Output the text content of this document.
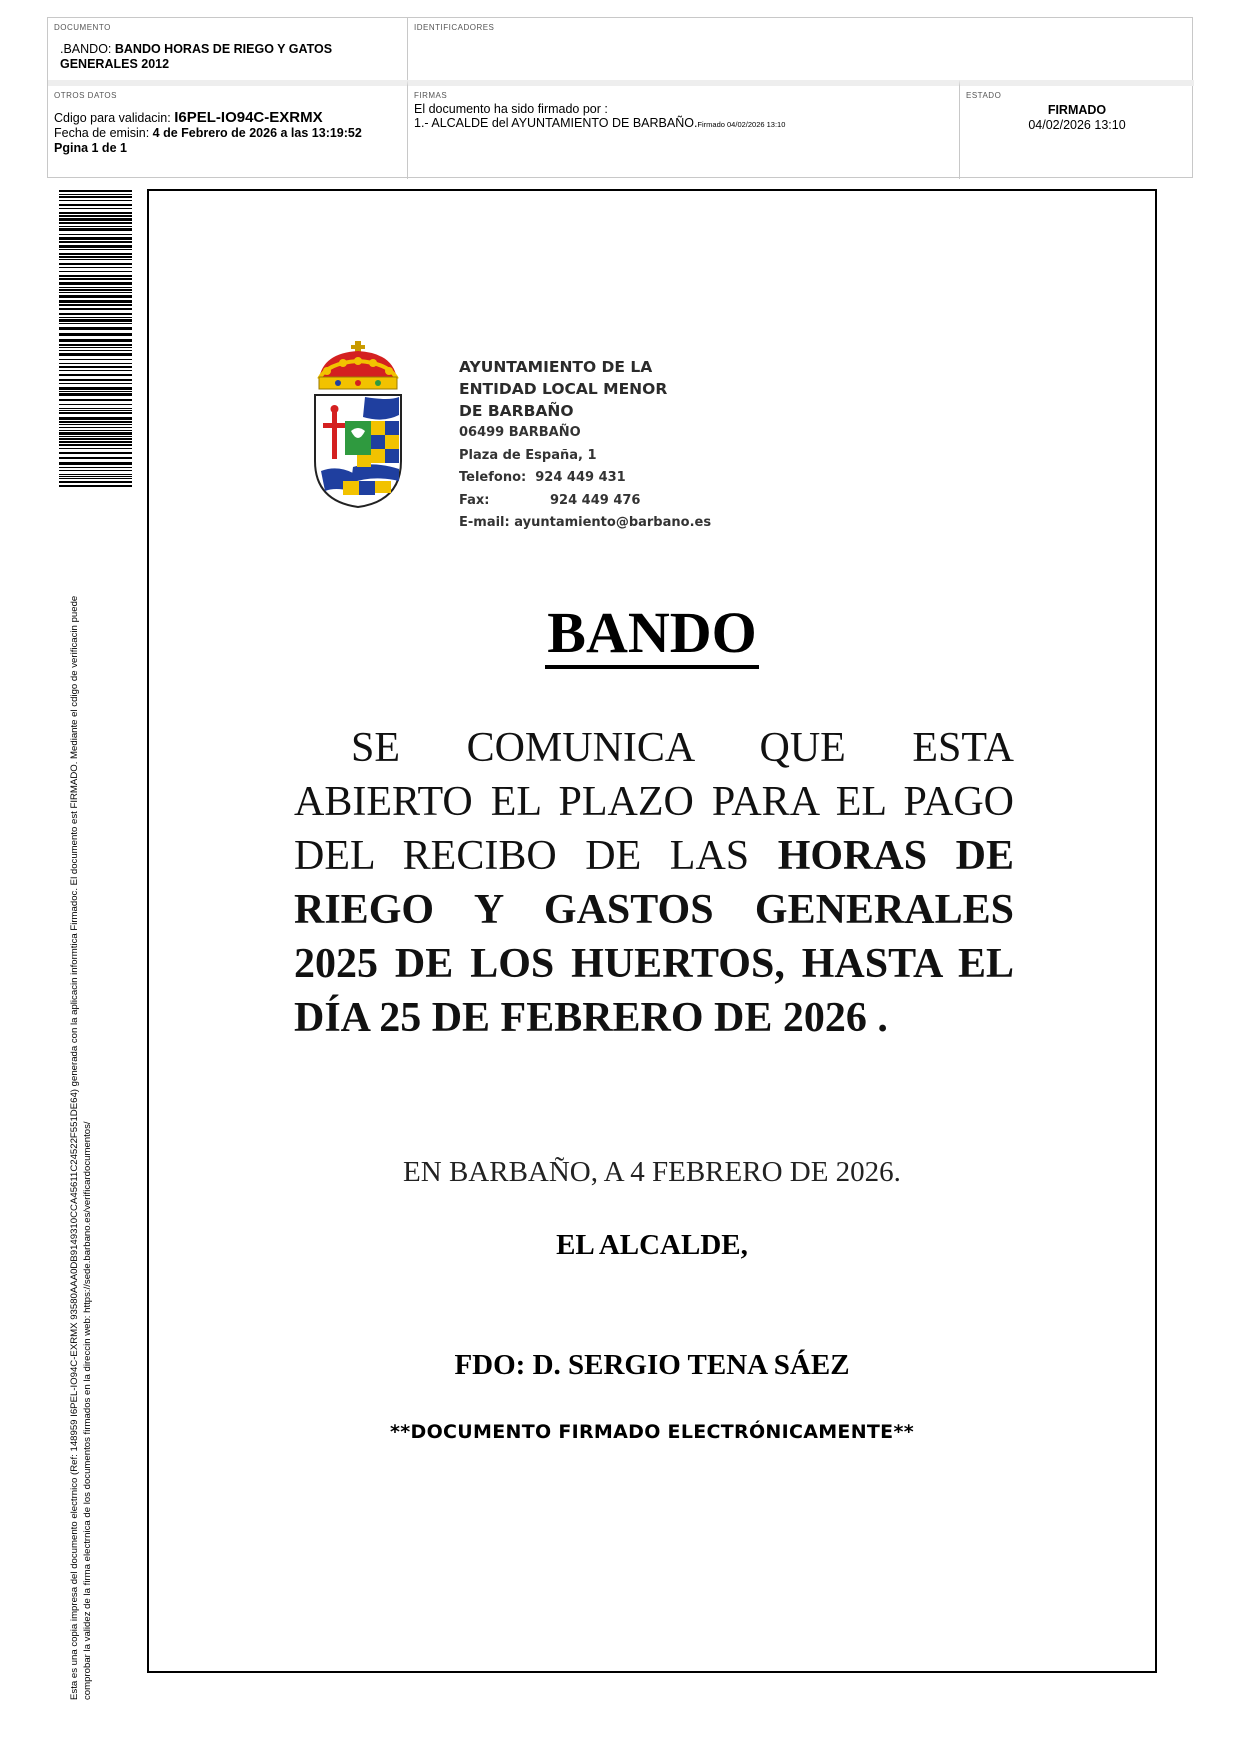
DOCUMENTO
.BANDO: BANDO HORAS DE RIEGO Y GATOS GENERALES 2012
IDENTIFICADORES
OTROS DATOS
Cdigo para validacin: I6PEL-IO94C-EXRMX
Fecha de emisin: 4 de Febrero de 2026 a las 13:19:52
Pgina 1 de 1
FIRMAS
El documento ha sido firmado por :
1.- ALCALDE del AYUNTAMIENTO DE BARBAÑO.Firmado 04/02/2026 13:10
ESTADO
FIRMADO
04/02/2026 13:10
Esta es una copia impresa del documento electrnico (Ref: 148959 I6PEL-IO94C-EXRMX 93580AAA0DB9149310CCA45611C24522F551DE64) generada con la aplicacin informtica Firmadoc. El documento est FIRMADO. Mediante el cdigo de verificacin puede comprobar la validez de la firma electrnica de los documentos firmados en la direccin web: https://sede.barbano.es/verificardocumentos/
AYUNTAMIENTO DE LA
ENTIDAD LOCAL MENOR
DE BARBAÑO
06499 BARBAÑO
Plaza de España, 1
Telefono: 924 449 431
Fax:	924 449 476
E-mail: ayuntamiento@barbano.es
BANDO
SE COMUNICA QUE ESTA ABIERTO EL PLAZO PARA EL PAGO DEL RECIBO DE LAS HORAS DE RIEGO Y GASTOS GENERALES 2025 DE LOS HUERTOS, HASTA EL DÍA 25 DE FEBRERO DE 2026 .
EN BARBAÑO, A 4 FEBRERO DE 2026.
EL ALCALDE,
FDO: D. SERGIO TENA SÁEZ
**DOCUMENTO FIRMADO ELECTRÓNICAMENTE**
